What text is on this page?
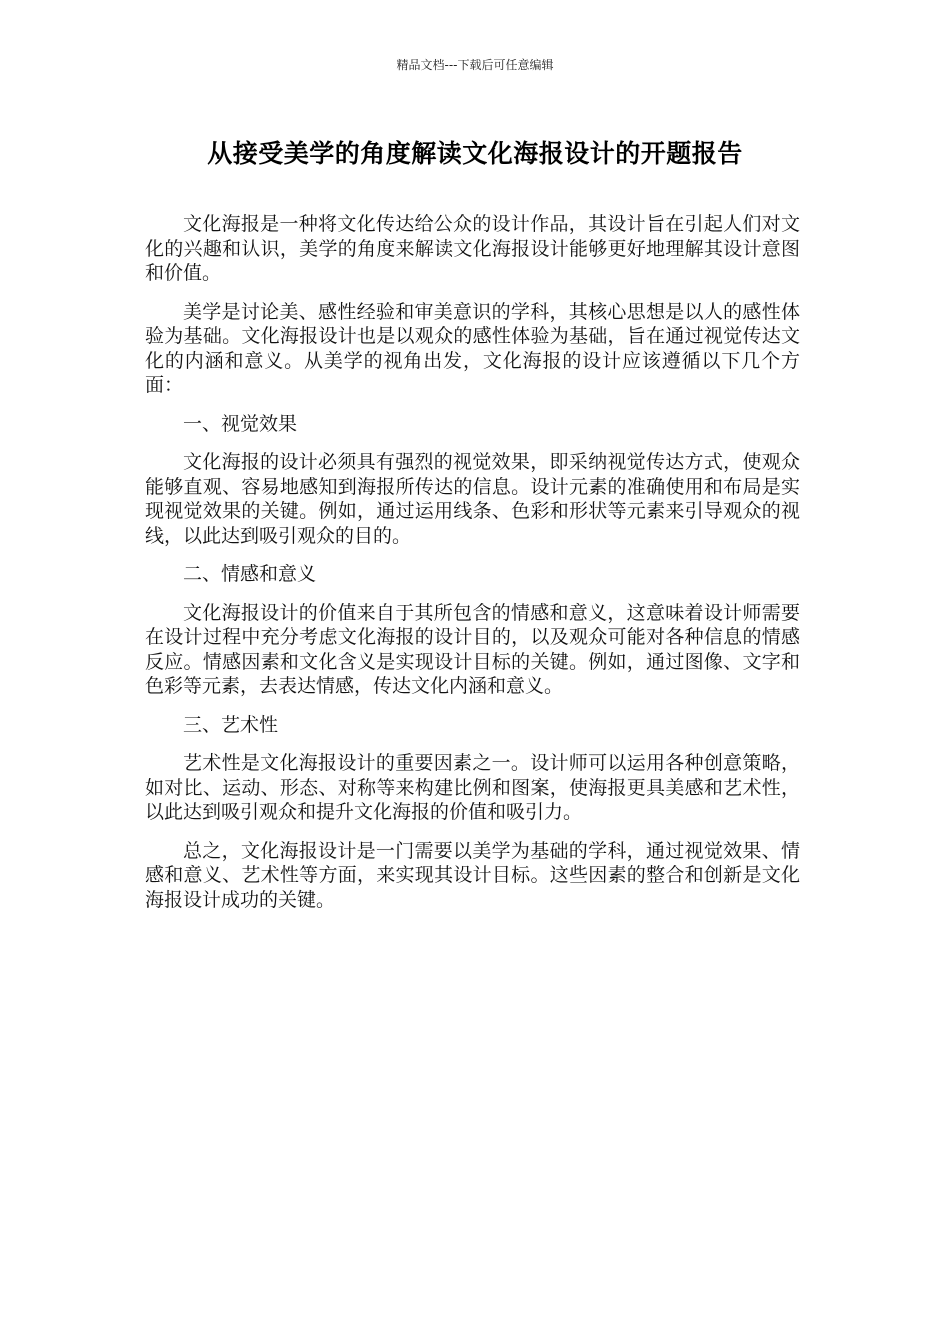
精品文档---下载后可任意编辑
从接受美学的角度解读文化海报设计的开题报告

文化海报是一种将文化传达给公众的设计作品，其设计旨在引起人们对文化的兴趣和认识，美学的角度来解读文化海报设计能够更好地理解其设计意图和价值。

美学是讨论美、感性经验和审美意识的学科，其核心思想是以人的感性体验为基础。文化海报设计也是以观众的感性体验为基础，旨在通过视觉传达文化的内涵和意义。从美学的视角出发，文化海报的设计应该遵循以下几个方面：

一、视觉效果

文化海报的设计必须具有强烈的视觉效果，即采纳视觉传达方式，使观众能够直观、容易地感知到海报所传达的信息。设计元素的准确使用和布局是实现视觉效果的关键。例如，通过运用线条、色彩和形状等元素来引导观众的视线，以此达到吸引观众的目的。

二、情感和意义

文化海报设计的价值来自于其所包含的情感和意义，这意味着设计师需要在设计过程中充分考虑文化海报的设计目的，以及观众可能对各种信息的情感反应。情感因素和文化含义是实现设计目标的关键。例如，通过图像、文字和色彩等元素，去表达情感，传达文化内涵和意义。

三、艺术性

艺术性是文化海报设计的重要因素之一。设计师可以运用各种创意策略，如对比、运动、形态、对称等来构建比例和图案，使海报更具美感和艺术性，以此达到吸引观众和提升文化海报的价值和吸引力。

总之，文化海报设计是一门需要以美学为基础的学科，通过视觉效果、情感和意义、艺术性等方面，来实现其设计目标。这些因素的整合和创新是文化海报设计成功的关键。
